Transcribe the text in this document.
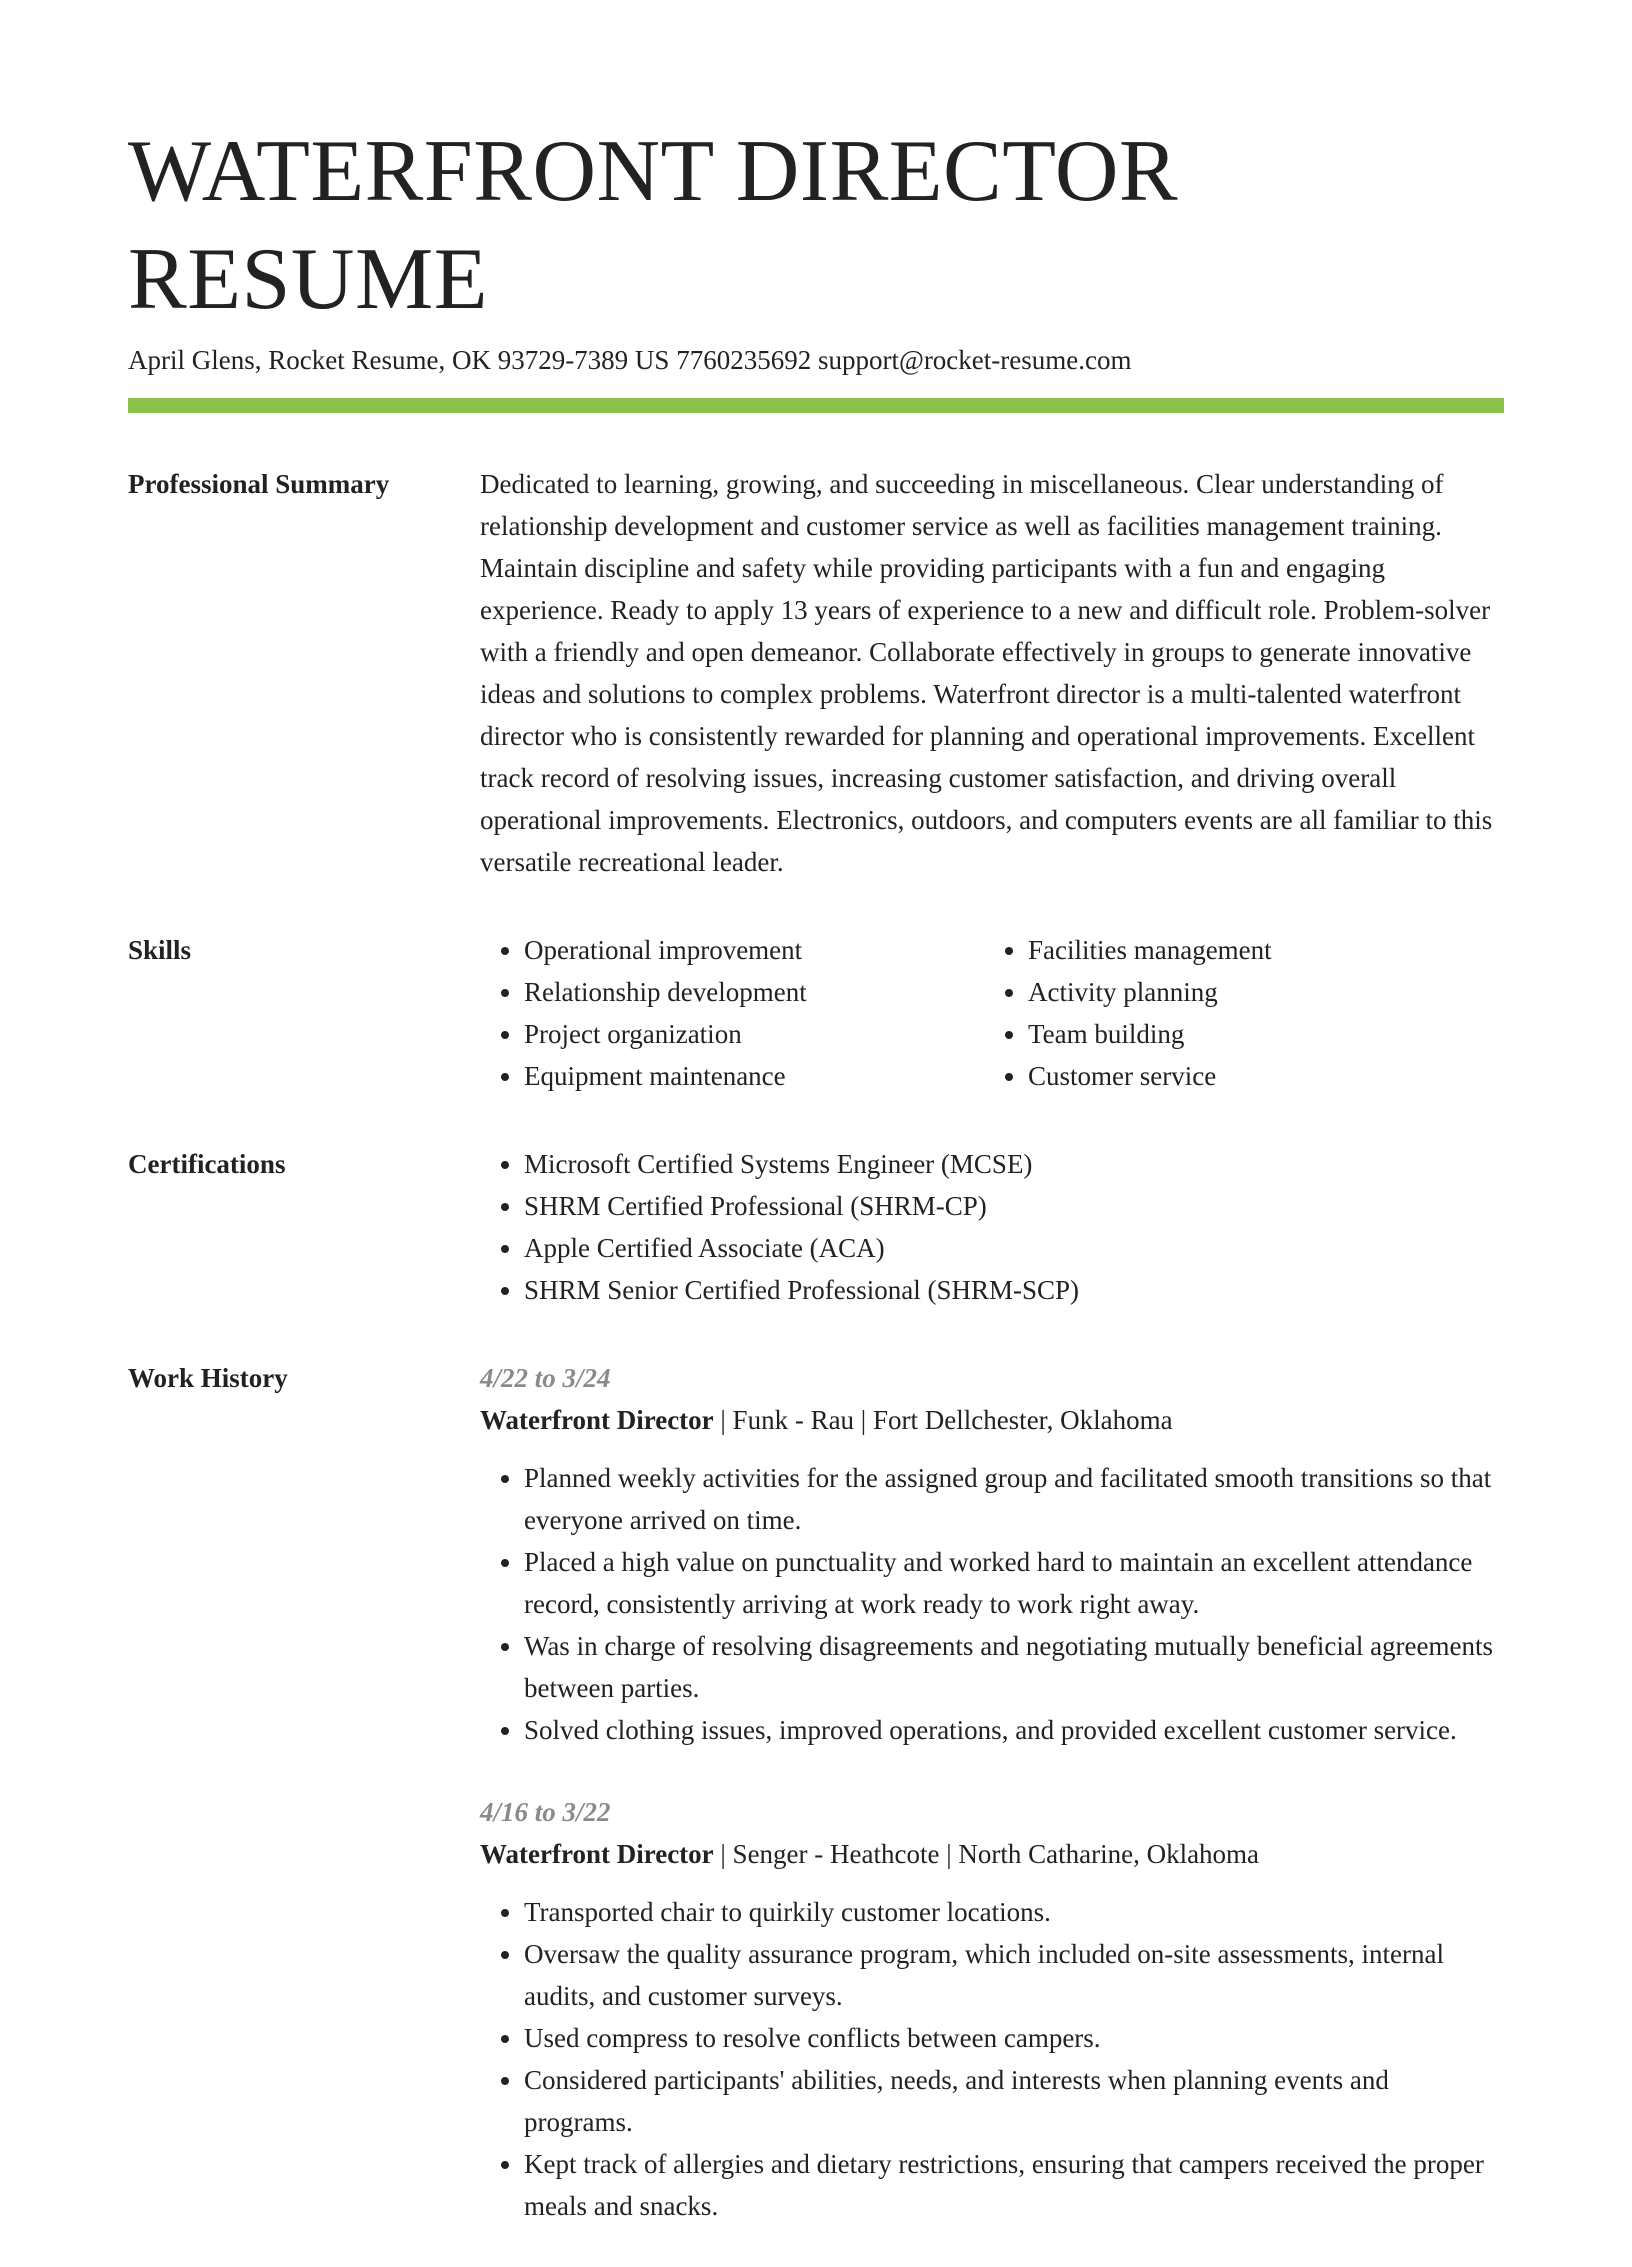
WATERFRONT DIRECTOR RESUME
April Glens, Rocket Resume, OK 93729-7389 US 7760235692 support@rocket-resume.com
Professional Summary	Dedicated to learning, growing, and succeeding in miscellaneous. Clear understanding of relationship development and customer service as well as facilities management training. Maintain discipline and safety while providing participants with a fun and engaging experience. Ready to apply 13 years of experience to a new and difficult role. Problem-solver with a friendly and open demeanor. Collaborate effectively in groups to generate innovative ideas and solutions to complex problems. Waterfront director is a multi-talented waterfront director who is consistently rewarded for planning and operational improvements. Excellent track record of resolving issues, increasing customer satisfaction, and driving overall operational improvements. Electronics, outdoors, and computers events are all familiar to this versatile recreational leader.

Skills	• Operational improvement
• Relationship development
• Project organization
• Equipment maintenance
• Facilities management
• Activity planning
• Team building
• Customer service
Certifications	• Microsoft Certified Systems Engineer (MCSE)
• SHRM Certified Professional (SHRM-CP)
• Apple Certified Associate (ACA)
• SHRM Senior Certified Professional (SHRM-SCP)
Work History	4/22 to 3/24
Waterfront Director | Funk - Rau | Fort Dellchester, Oklahoma
• Planned weekly activities for the assigned group and facilitated smooth transitions so that everyone arrived on time.
• Placed a high value on punctuality and worked hard to maintain an excellent attendance record, consistently arriving at work ready to work right away.
• Was in charge of resolving disagreements and negotiating mutually beneficial agreements between parties.
• Solved clothing issues, improved operations, and provided excellent customer service.
4/16 to 3/22
Waterfront Director | Senger - Heathcote | North Catharine, Oklahoma
• Transported chair to quirkily customer locations.
• Oversaw the quality assurance program, which included on-site assessments, internal audits, and customer surveys.
• Used compress to resolve conflicts between campers.
• Considered participants' abilities, needs, and interests when planning events and programs.
• Kept track of allergies and dietary restrictions, ensuring that campers received the proper meals and snacks.
